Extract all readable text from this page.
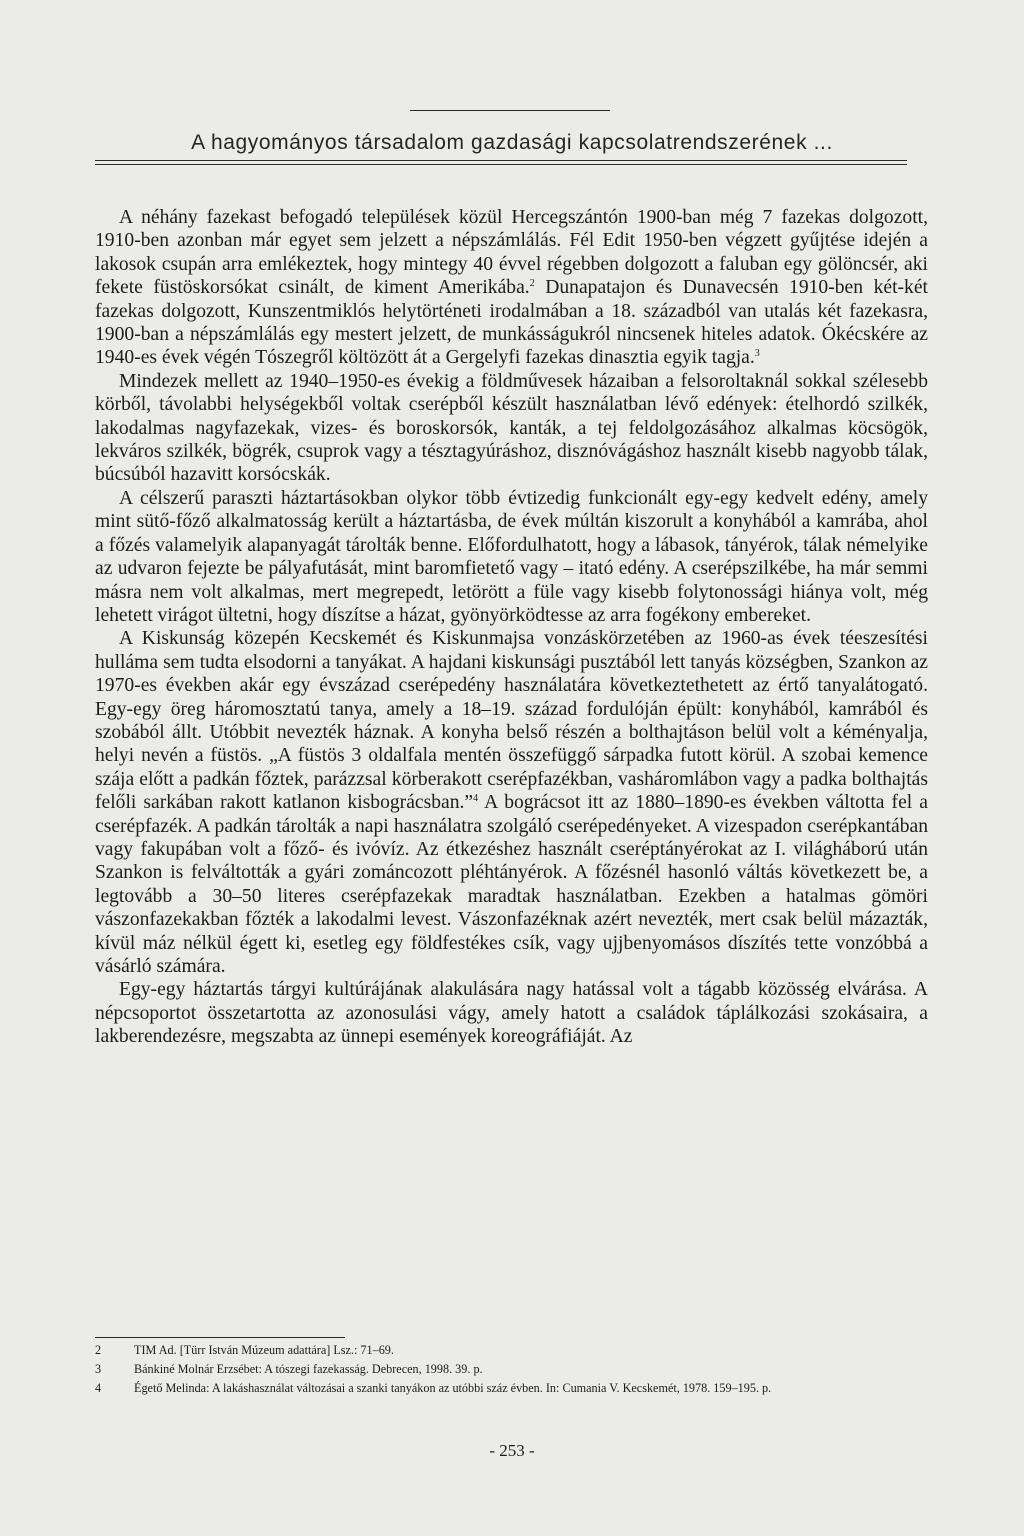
A hagyományos társadalom gazdasági kapcsolatrendszerének ...

A néhány fazekast befogadó települések közül Hercegszántón 1900-ban még 7 fazekas dolgozott, 1910-ben azonban már egyet sem jelzett a népszámlálás. Fél Edit 1950-ben végzett gyűjtése idején a lakosok csupán arra emlékeztek, hogy mintegy 40 évvel régebben dolgozott a faluban egy gölöncsér, aki fekete füstöskorsókat csinált, de kiment Amerikába.$^2$ Dunapatajon és Dunavecsén 1910-ben két-két fazekas dolgozott, Kunszentmiklós helytörténeti irodalmában a 18. századból van utalás két fazekasra, 1900-ban a népszámlálás egy mestert jelzett, de munkásságukról nincsenek hiteles adatok. Ókécskére az 1940-es évek végén Tószegről költözött át a Gergelyfi fazekas dinasztia egyik tagja.$^3$

Mindezek mellett az 1940–1950-es évekig a földművesek házaiban a felsoroltaknál sokkal szélesebb körből, távolabbi helységekből voltak cserépből készült használatban lévő edények: ételhordó szilkék, lakodalmas nagyfazekak, vizes- és boroskorsók, kanták, a tej feldolgozásához alkalmas köcsögök, lekváros szilkék, bögrék, csuprok vagy a tésztagyúráshoz, disznóvágáshoz használt kisebb nagyobb tálak, búcsúból hazavitt korsócskák.

A célszerű paraszti háztartásokban olykor több évtizedig funkcionált egy-egy kedvelt edény, amely mint sütő-főző alkalmatosság került a háztartásba, de évek múltán kiszorult a konyhából a kamrába, ahol a főzés valamelyik alapanyagát tárolták benne. Előfordulhatott, hogy a lábasok, tányérok, tálak némelyike az udvaron fejezte be pályafutását, mint baromfietető vagy – itató edény. A cserépszilkébe, ha már semmi másra nem volt alkalmas, mert megrepedt, letörött a füle vagy kisebb folytonossági hiánya volt, még lehetett virágot ültetni, hogy díszítse a házat, gyönyörködtesse az arra fogékony embereket.

A Kiskunság közepén Kecskemét és Kiskunmajsa vonzáskörzetében az 1960-as évek téeszesítési hulláma sem tudta elsodorni a tanyákat. A hajdani kiskunsági pusztából lett tanyás községben, Szankon az 1970-es években akár egy évszázad cserépedény használatára következtethetett az értő tanyalátogató. Egy-egy öreg háromosztatú tanya, amely a 18–19. század fordulóján épült: konyhából, kamrából és szobából állt. Utóbbit nevezték háznak. A konyha belső részén a bolthajtáson belül volt a kéményalja, helyi nevén a füstös. „A füstös 3 oldalfala mentén összefüggő sárpadka futott körül. A szobai kemence szája előtt a padkán főztek, parázzsal körberakott cserépfazékban, vasháromlábon vagy a padka bolthajtás felőli sarkában rakott katlanon kisbográcsban.”$^4$ A bográcsot itt az 1880–1890-es években váltotta fel a cserépfazék. A padkán tárolták a napi használatra szolgáló cserépedényeket. A vizespadon cserépkantában vagy fakupában volt a főző- és ivóvíz. Az étkezéshez használt cseréptányérokat az I. világháború után Szankon is felváltották a gyári zománcozott pléhtányérok. A főzésnél hasonló váltás következett be, a legtovább a 30–50 literes cserépfazekak maradtak használatban. Ezekben a hatalmas gömöri vászonfazekakban főzték a lakodalmi levest. Vászonfazéknak azért nevezték, mert csak belül mázazták, kívül máz nélkül égett ki, esetleg egy földfestékes csík, vagy ujjbenyomásos díszítés tette vonzóbbá a vásárló számára.

Egy-egy háztartás tárgyi kultúrájának alakulására nagy hatással volt a tágabb közösség elvárása. A népcsoportot összetartotta az azonosulási vágy, amely hatott a családok táplálkozási szokásaira, a lakberendezésre, megszabta az ünnepi események koreográfiáját. Az

2	TIM Ad. [Türr István Múzeum adattára] Lsz.: 71–69.
3	Bánkiné Molnár Erzsébet: A tószegi fazekasság. Debrecen, 1998. 39. p.
4	Égető Melinda: A lakáshasználat változásai a szanki tanyákon az utóbbi száz évben. In: Cumania V. Kecskemét, 1978. 159–195. p.
- 253 -
